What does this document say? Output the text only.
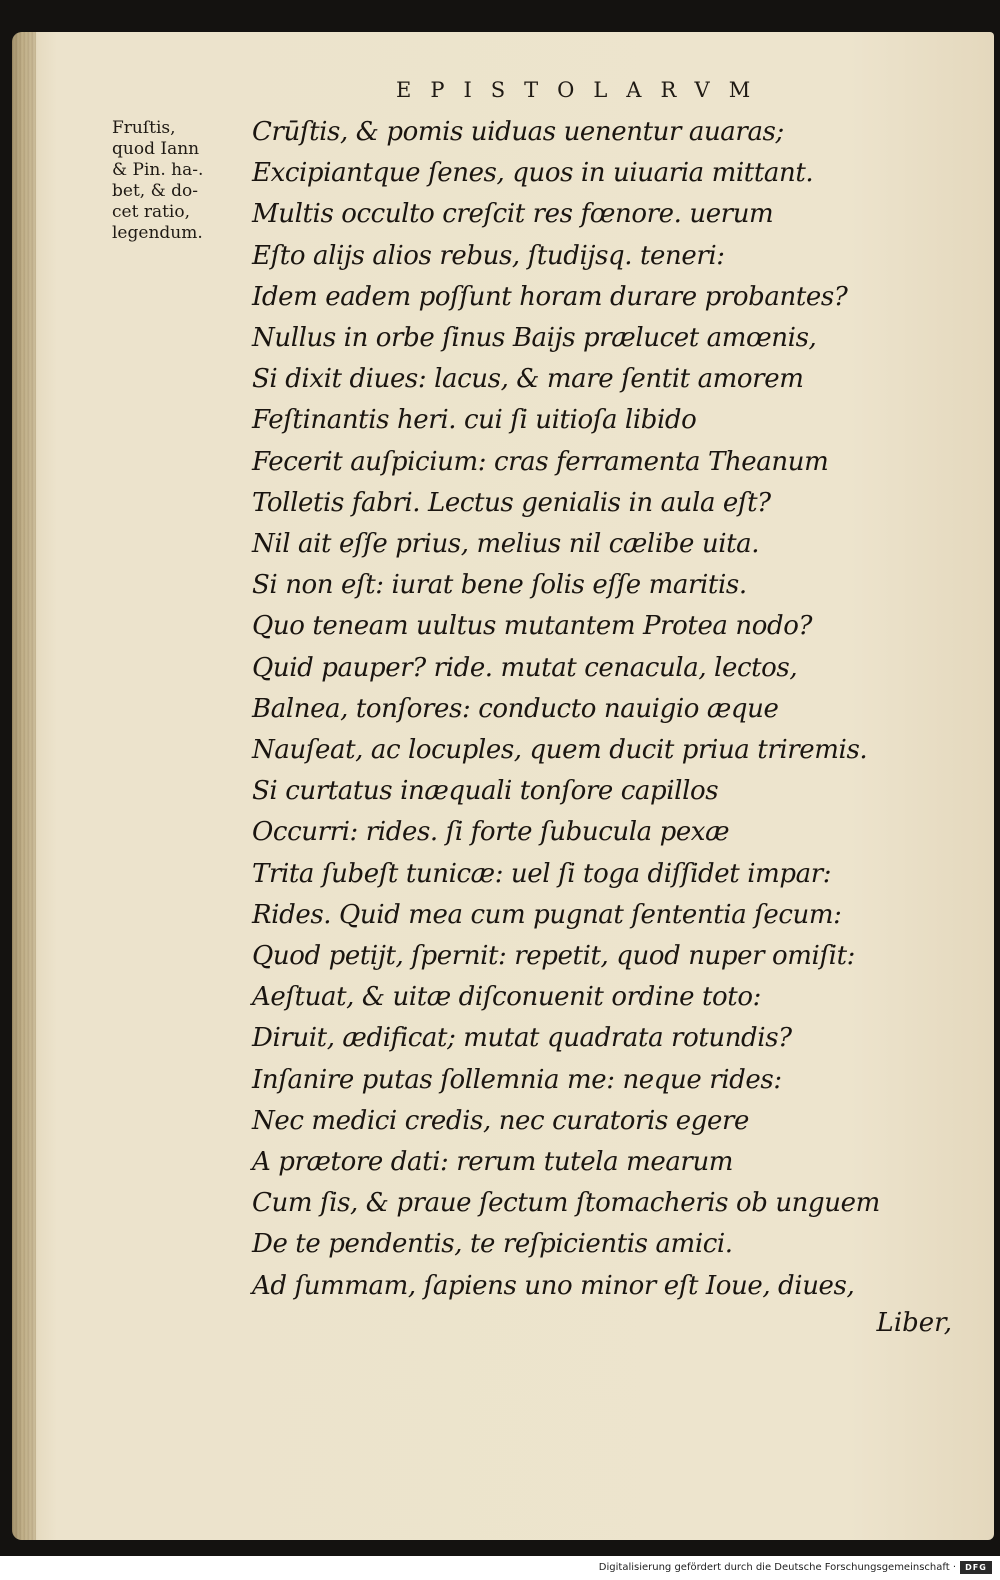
EPISTOLARVM
Fruſtis,
quod Iann
& Pin. ha-.
bet, & do-
cet ratio,
legendum.
Crūſtis, & pomis uiduas uenentur auaras;
Excipiantque ſenes, quos in uiuaria mittant.
Multis occulto creſcit res fœnore. uerum
Eſto alijs alios rebus, ſtudijsq. teneri:
Idem eadem poſſunt horam durare probantes?
Nullus in orbe ſinus Baijs prælucet amœnis,
Si dixit diues: lacus, & mare ſentit amorem
Feſtinantis heri. cui ſi uitioſa libido
Fecerit auſpicium: cras ferramenta Theanum
Tolletis fabri. Lectus genialis in aula eſt?
Nil ait eſſe prius, melius nil cælibe uita.
Si non eſt: iurat bene ſolis eſſe maritis.
Quo teneam uultus mutantem Protea nodo?
Quid pauper? ride. mutat cenacula, lectos,
Balnea, tonſores: conducto nauigio æque
Nauſeat, ac locuples, quem ducit priua triremis.
Si curtatus inæquali tonſore capillos
Occurri: rides. ſi forte ſubucula pexæ
Trita ſubeſt tunicæ: uel ſi toga diſſidet impar:
Rides. Quid mea cum pugnat ſententia ſecum:
Quod petijt, ſpernit: repetit, quod nuper omiſit:
Aeſtuat, & uitæ diſconuenit ordine toto:
Diruit, ædificat; mutat quadrata rotundis?
Inſanire putas ſollemnia me: neque rides:
Nec medici credis, nec curatoris egere
A prætore dati: rerum tutela mearum
Cum ſis, & praue ſectum ſtomacheris ob unguem
De te pendentis, te reſpicientis amici.
Ad ſummam, ſapiens uno minor eſt Ioue, diues,
Liber,
Digitalisierung gefördert durch die Deutsche Forschungsgemeinschaft ·	DFG
